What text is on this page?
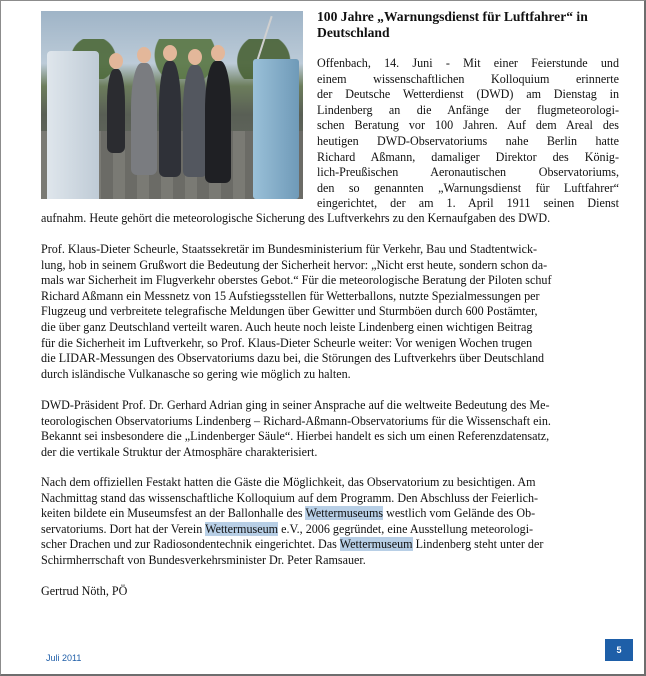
100 Jahre „Warnungsdienst für Luftfahrer“ in
Deutschland

Offenbach, 14. Juni - Mit einer Feierstunde und
einem wissenschaftlichen Kolloquium erinnerte
der Deutsche Wetterdienst (DWD) am Dienstag in
Lindenberg an die Anfänge der flugmeteorologi-
schen Beratung vor 100 Jahren. Auf dem Areal des
heutigen DWD-Observatoriums nahe Berlin hatte
Richard Aßmann, damaliger Direktor des König-
lich-Preußischen Aeronautischen Observatoriums,
den so genannten „Warnungsdienst für Luftfahrer“
eingerichtet, der am 1. April 1911 seinen Dienst

aufnahm. Heute gehört die meteorologische Sicherung des Luftverkehrs zu den Kernaufgaben des DWD.

Prof. Klaus-Dieter Scheurle, Staatssekretär im Bundesministerium für Verkehr, Bau und Stadtentwick-
lung, hob in seinem Grußwort die Bedeutung der Sicherheit hervor: „Nicht erst heute, sondern schon da-
mals war Sicherheit im Flugverkehr oberstes Gebot.“ Für die meteorologische Beratung der Piloten schuf
Richard Aßmann ein Messnetz von 15 Aufstiegsstellen für Wetterballons, nutzte Spezialmessungen per
Flugzeug und verbreitete telegrafische Meldungen über Gewitter und Sturmböen durch 600 Postämter,
die über ganz Deutschland verteilt waren. Auch heute noch leiste Lindenberg einen wichtigen Beitrag
für die Sicherheit im Luftverkehr, so Prof. Klaus-Dieter Scheurle weiter: Vor wenigen Wochen trugen
die LIDAR-Messungen des Observatoriums dazu bei, die Störungen des Luftverkehrs über Deutschland
durch isländische Vulkanasche so gering wie möglich zu halten.

DWD-Präsident Prof. Dr. Gerhard Adrian ging in seiner Ansprache auf die weltweite Bedeutung des Me-
teorologischen Observatoriums Lindenberg – Richard-Aßmann-Observatoriums für die Wissenschaft ein.
Bekannt sei insbesondere die „Lindenberger Säule“. Hierbei handelt es sich um einen Referenzdatensatz,
der die vertikale Struktur der Atmosphäre charakterisiert.

Nach dem offiziellen Festakt hatten die Gäste die Möglichkeit, das Observatorium zu besichtigen. Am
Nachmittag stand das wissenschaftliche Kolloquium auf dem Programm. Den Abschluss der Feierlich-
keiten bildete ein Museumsfest an der Ballonhalle des Wettermuseums westlich vom Gelände des Ob-
servatoriums. Dort hat der Verein Wettermuseum e.V., 2006 gegründet, eine Ausstellung meteorologi-
scher Drachen und zur Radiosondentechnik eingerichtet. Das Wettermuseum Lindenberg steht unter der
Schirmherrschaft von Bundesverkehrsminister Dr. Peter Ramsauer.

Gertrud Nöth, PÖ

Juli 2011

5
